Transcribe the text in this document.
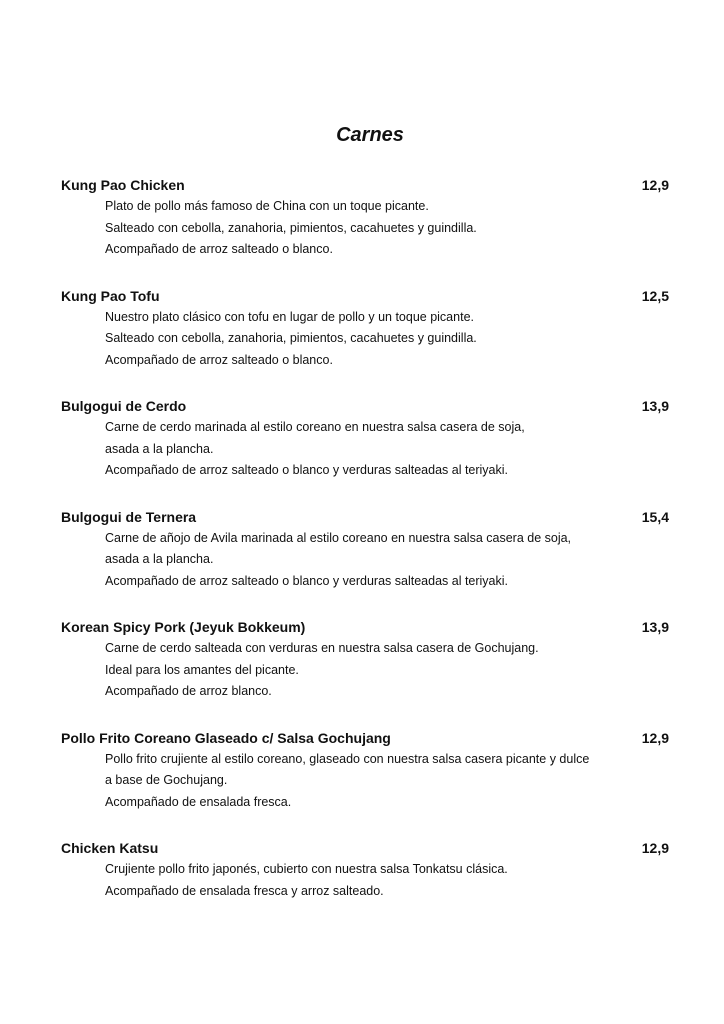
Carnes
Kung Pao Chicken	12,9
Plato de pollo más famoso de China con un toque picante.
Salteado con cebolla, zanahoria, pimientos, cacahuetes y guindilla.
Acompañado de arroz salteado o blanco.
Kung Pao Tofu	12,5
Nuestro plato clásico con tofu en lugar de pollo y un toque picante.
Salteado con cebolla, zanahoria, pimientos, cacahuetes y guindilla.
Acompañado de arroz salteado o blanco.
Bulgogui de Cerdo	13,9
Carne de cerdo marinada al estilo coreano en nuestra salsa casera de soja,
asada a la plancha.
Acompañado de arroz salteado o blanco y verduras salteadas al teriyaki.
Bulgogui de Ternera	15,4
Carne de añojo de Avila marinada al estilo coreano en nuestra salsa casera de soja,
asada a la plancha.
Acompañado de arroz salteado o blanco y verduras salteadas al teriyaki.
Korean Spicy Pork (Jeyuk Bokkeum)	13,9
Carne de cerdo salteada con verduras en nuestra salsa casera de Gochujang.
Ideal para los amantes del picante.
Acompañado de arroz blanco.
Pollo Frito Coreano Glaseado c/ Salsa Gochujang	12,9
Pollo frito crujiente al estilo coreano, glaseado con nuestra salsa casera picante y dulce
a base de Gochujang.
Acompañado de ensalada fresca.
Chicken Katsu	12,9
Crujiente pollo frito japonés, cubierto con nuestra salsa Tonkatsu clásica.
Acompañado de ensalada fresca y arroz salteado.
